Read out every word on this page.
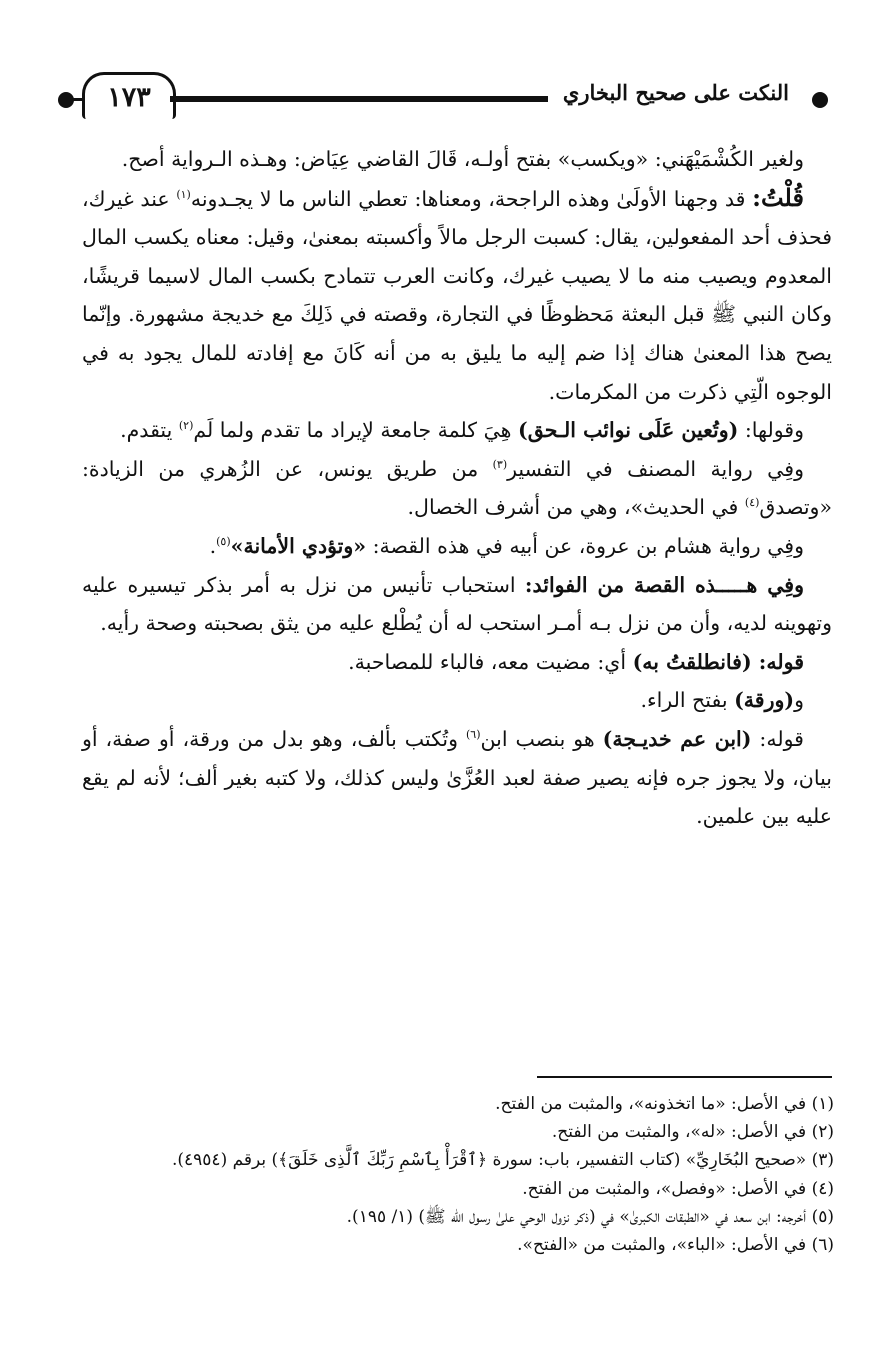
١٧٣	النكت على صحيح البخاري

ولغير الكُشْمَيْهَني: «ويكسب» بفتح أولـه، قَالَ القاضي عِيَاض: وهـذه الـرواية أصح.

قُلْتُ: قد وجهنا الأولَىٰ وهذه الراجحة، ومعناها: تعطي الناس ما لا يجـدونه$^{(١)}$ عند غيرك، فحذف أحد المفعولين، يقال: كسبت الرجل مالاً وأكسبته بمعنىٰ، وقيل: معناه يكسب المال المعدوم ويصيب منه ما لا يصيب غيرك، وكانت العرب تتمادح بكسب المال لاسيما قريشًا، وكان النبي ﷺ قبل البعثة مَحظوظًا في التجارة، وقصته في ذَلِكَ مع خديجة مشهورة. وإنّما يصح هذا المعنىٰ هناك إذا ضم إليه ما يليق به من أنه كَانَ مع إفادته للمال يجود به في الوجوه الّتِي ذكرت من المكرمات.

وقولها: (وتُعين عَلَى نوائب الـحق) هِيَ كلمة جامعة لإيراد ما تقدم ولما لَم$^{(٢)}$ يتقدم.

وفِي رواية المصنف في التفسير$^{(٣)}$ من طريق يونس، عن الزُهري من الزيادة: «وتصدق$^{(٤)}$ في الحديث»، وهي من أشرف الخصال.

وفِي رواية هشام بن عروة، عن أبيه في هذه القصة: «وتؤدي الأمانة»$^{(٥)}$.

وفِي هـــــذه القصة من الفوائد: استحباب تأنيس من نزل به أمر بذكر تيسيره عليه وتهوينه لديه، وأن من نزل بـه أمـر استحب له أن يُطْلع عليه من يثق بصحبته وصحة رأيه.

قوله: (فانطلقتُ به) أي: مضيت معه، فالباء للمصاحبة.

و(ورقة) بفتح الراء.

قوله: (ابن عم خديـجة) هو بنصب ابن$^{(٦)}$ وتُكتب بألف، وهو بدل من ورقة، أو صفة، أو بيان، ولا يجوز جره فإنه يصير صفة لعبد العُزَّىٰ وليس كذلك، ولا كتبه بغير ألف؛ لأنه لم يقع عليه بين علمين.

(١) في الأصل: «ما اتخذونه»، والمثبت من الفتح.
(٢) في الأصل: «له»، والمثبت من الفتح.
(٣) «صحيح البُخَارِيِّ» (كتاب التفسير، باب: سورة ﴿ٱقْرَأْ بِٱسْمِ رَبِّكَ ٱلَّذِى خَلَقَ﴾) برقم (٤٩٥٤).
(٤) في الأصل: «وفصل»، والمثبت من الفتح.
(٥) أخرجه: ابن سعد في «الطبقات الكبرىٰ» في (ذكر نزول الوحي علىٰ رسول الله ﷺ) (١/ ١٩٥).
(٦) في الأصل: «الباء»، والمثبت من «الفتح».
